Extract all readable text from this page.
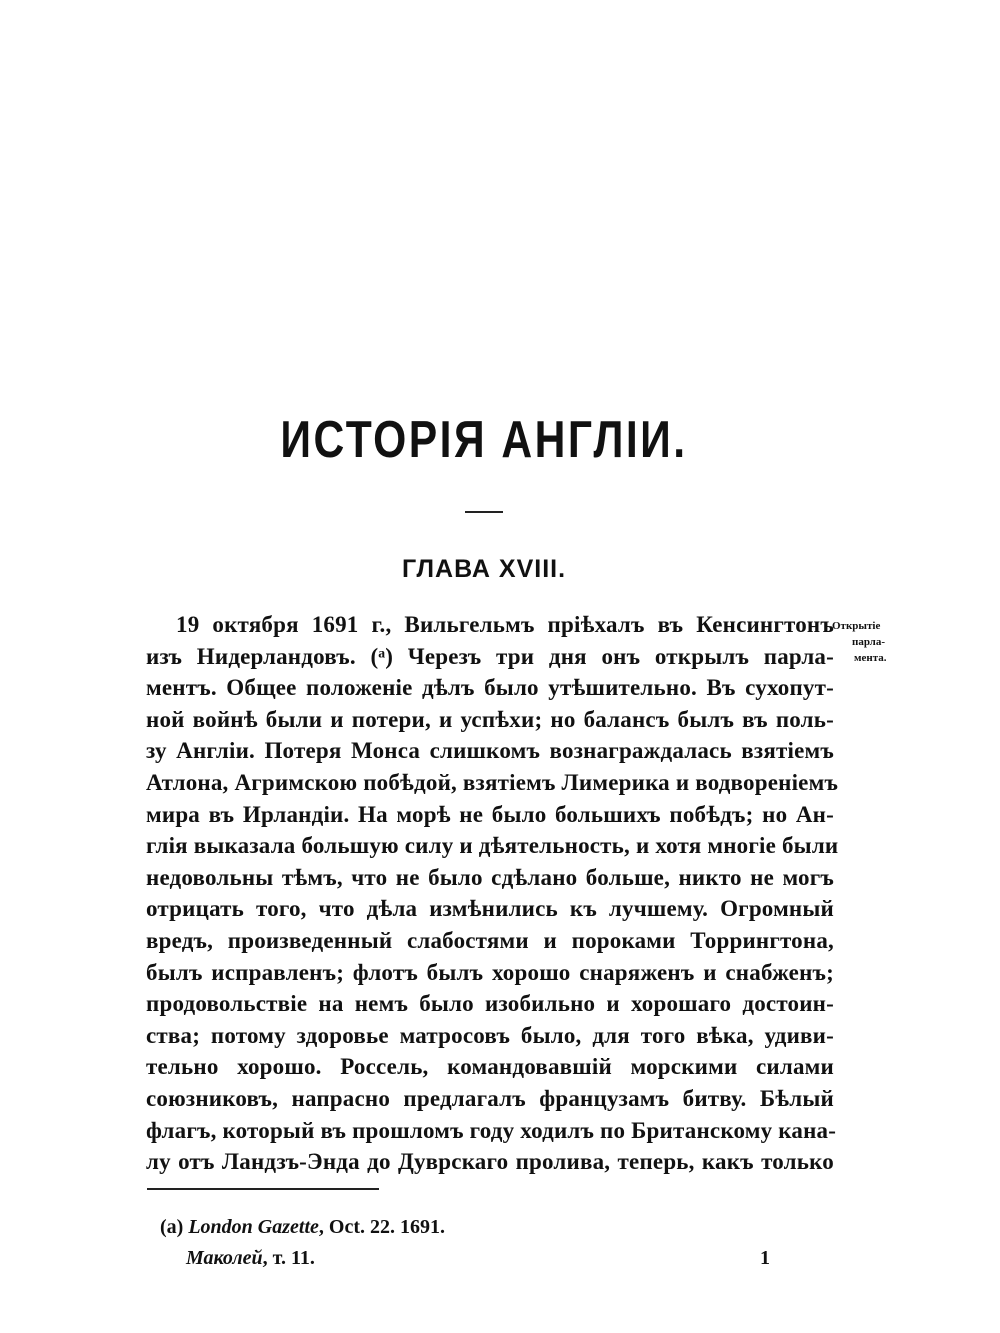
ИСТОРІЯ АНГЛІИ.
ГЛАВА XVIII.
Открытіе
парла-
мента.
19 октября 1691 г., Вильгельмъ пріѣхалъ въ Кенсингтонъ
изъ Нидерландовъ. (ᵃ) Черезъ три дня онъ открылъ парла-
ментъ. Общее положеніе дѣлъ было утѣшительно. Въ сухопут-
ной войнѣ были и потери, и успѣхи; но балансъ былъ въ поль-
зу Англіи. Потеря Монса слишкомъ вознаграждалась взятіемъ
Атлона, Агримскою побѣдой, взятіемъ Лимерика и водвореніемъ
мира въ Ирландіи. На морѣ не было большихъ побѣдъ; но Ан-
глія выказала большую силу и дѣятельность, и хотя многіе были
недовольны тѣмъ, что не было сдѣлано больше, никто не могъ
отрицать того, что дѣла измѣнились къ лучшему. Огромный
вредъ, произведенный слабостями и пороками Торрингтона,
былъ исправленъ; флотъ былъ хорошо снаряженъ и снабженъ;
продовольствіе на немъ было изобильно и хорошаго достоин-
ства; потому здоровье матросовъ было, для того вѣка, удиви-
тельно хорошо. Россель, командовавшій морскими силами
союзниковъ, напрасно предлагалъ французамъ битву. Бѣлый
флагъ, который въ прошломъ году ходилъ по Британскому кана-
лу отъ Ландзъ-Энда до Дуврскаго пролива, теперь, какъ только
(a) London Gazette, Oct. 22. 1691.
Маколей, т. 11.	1
